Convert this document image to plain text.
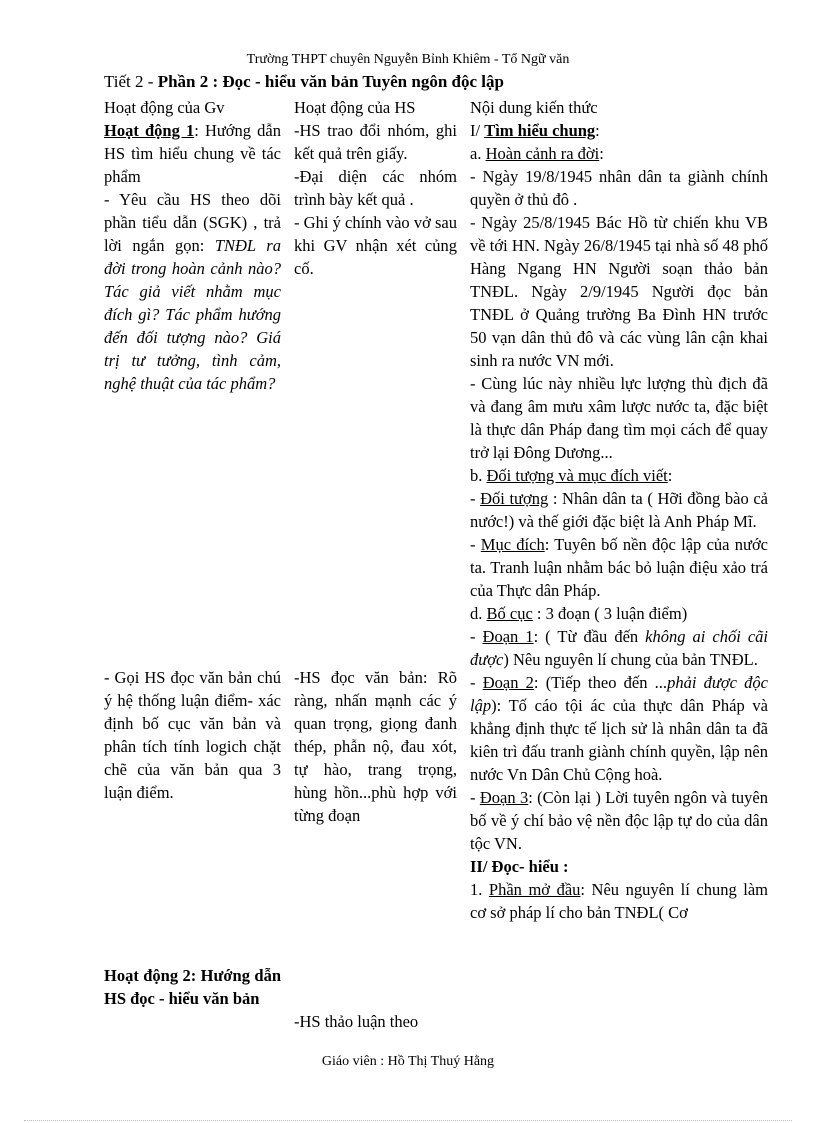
Trường THPT chuyên Nguyễn Bỉnh Khiêm - Tổ Ngữ văn
Tiết 2 - Phần 2 : Đọc - hiểu văn bản Tuyên ngôn độc lập

Hoạt động của Gv

Hoạt động 1: Hướng dẫn HS tìm hiểu chung về tác phẩm

- Yêu cầu HS theo dõi phần tiểu dẫn (SGK) , trả lời ngắn gọn: TNĐL ra đời trong hoàn cảnh nào? Tác giả viết nhằm mục đích gì? Tác phẩm hướng đến đối tượng nào? Giá trị tư tưởng, tình cảm, nghệ thuật của tác phẩm?

- Gọi HS đọc văn bản chú ý hệ thống luận điểm- xác định bố cục văn bản và phân tích tính logich chặt chẽ của văn bản qua 3 luận điểm.

Hoạt động 2: Hướng dẫn HS đọc - hiểu văn bản

Hoạt động của HS

-HS trao đổi nhóm, ghi kết quả trên giấy.

-Đại diện các nhóm trình bày kết quả .

- Ghi ý chính vào vở sau khi GV nhận xét củng cố.

-HS đọc văn bản: Rõ ràng, nhấn mạnh các ý quan trọng, giọng đanh thép, phẫn nộ, đau xót, tự hào, trang trọng, hùng hồn...phù hợp với từng đoạn

-HS thảo luận theo

Nội dung kiến thức

I/ Tìm hiểu chung:

a. Hoàn cảnh ra đời:

- Ngày 19/8/1945 nhân dân ta giành chính quyền ở thủ đô .

- Ngày 25/8/1945 Bác Hồ từ chiến khu VB về tới HN. Ngày 26/8/1945 tại nhà số 48 phố Hàng Ngang HN Người soạn thảo bản TNĐL. Ngày 2/9/1945 Người đọc bản TNĐL ở Quảng trường Ba Đình HN trước 50 vạn dân thủ đô và các vùng lân cận khai sinh ra nước VN mới.

- Cùng lúc này nhiều lực lượng thù địch đã và đang âm mưu xâm lược nước ta, đặc biệt là thực dân Pháp đang tìm mọi cách để quay trở lại Đông Dương...

b. Đối tượng và mục đích viết:

- Đối tượng : Nhân dân ta ( Hỡi đồng bào cả nước!) và thế giới đặc biệt là Anh Pháp Mĩ.

- Mục đích: Tuyên bố nền độc lập của nước ta. Tranh luận nhằm bác bỏ luận điệu xảo trá của Thực dân Pháp.

d. Bố cục : 3 đoạn ( 3 luận điểm)

- Đoạn 1: ( Từ đầu đến không ai chối cãi được) Nêu nguyên lí chung của bản TNĐL.

- Đoạn 2: (Tiếp theo đến ...phải được độc lập): Tố cáo tội ác của thực dân Pháp và khẳng định thực tế lịch sử là nhân dân ta đã kiên trì đấu tranh giành chính quyền, lập nên nước Vn Dân Chủ Cộng hoà.

- Đoạn 3: (Còn lại ) Lời tuyên ngôn và tuyên bố về ý chí bảo vệ nền độc lập tự do của dân tộc VN.

II/ Đọc- hiểu :

1. Phần mở đầu: Nêu nguyên lí chung làm cơ sở pháp lí cho bản TNĐL( Cơ

Giáo viên : Hồ Thị Thuý Hằng
